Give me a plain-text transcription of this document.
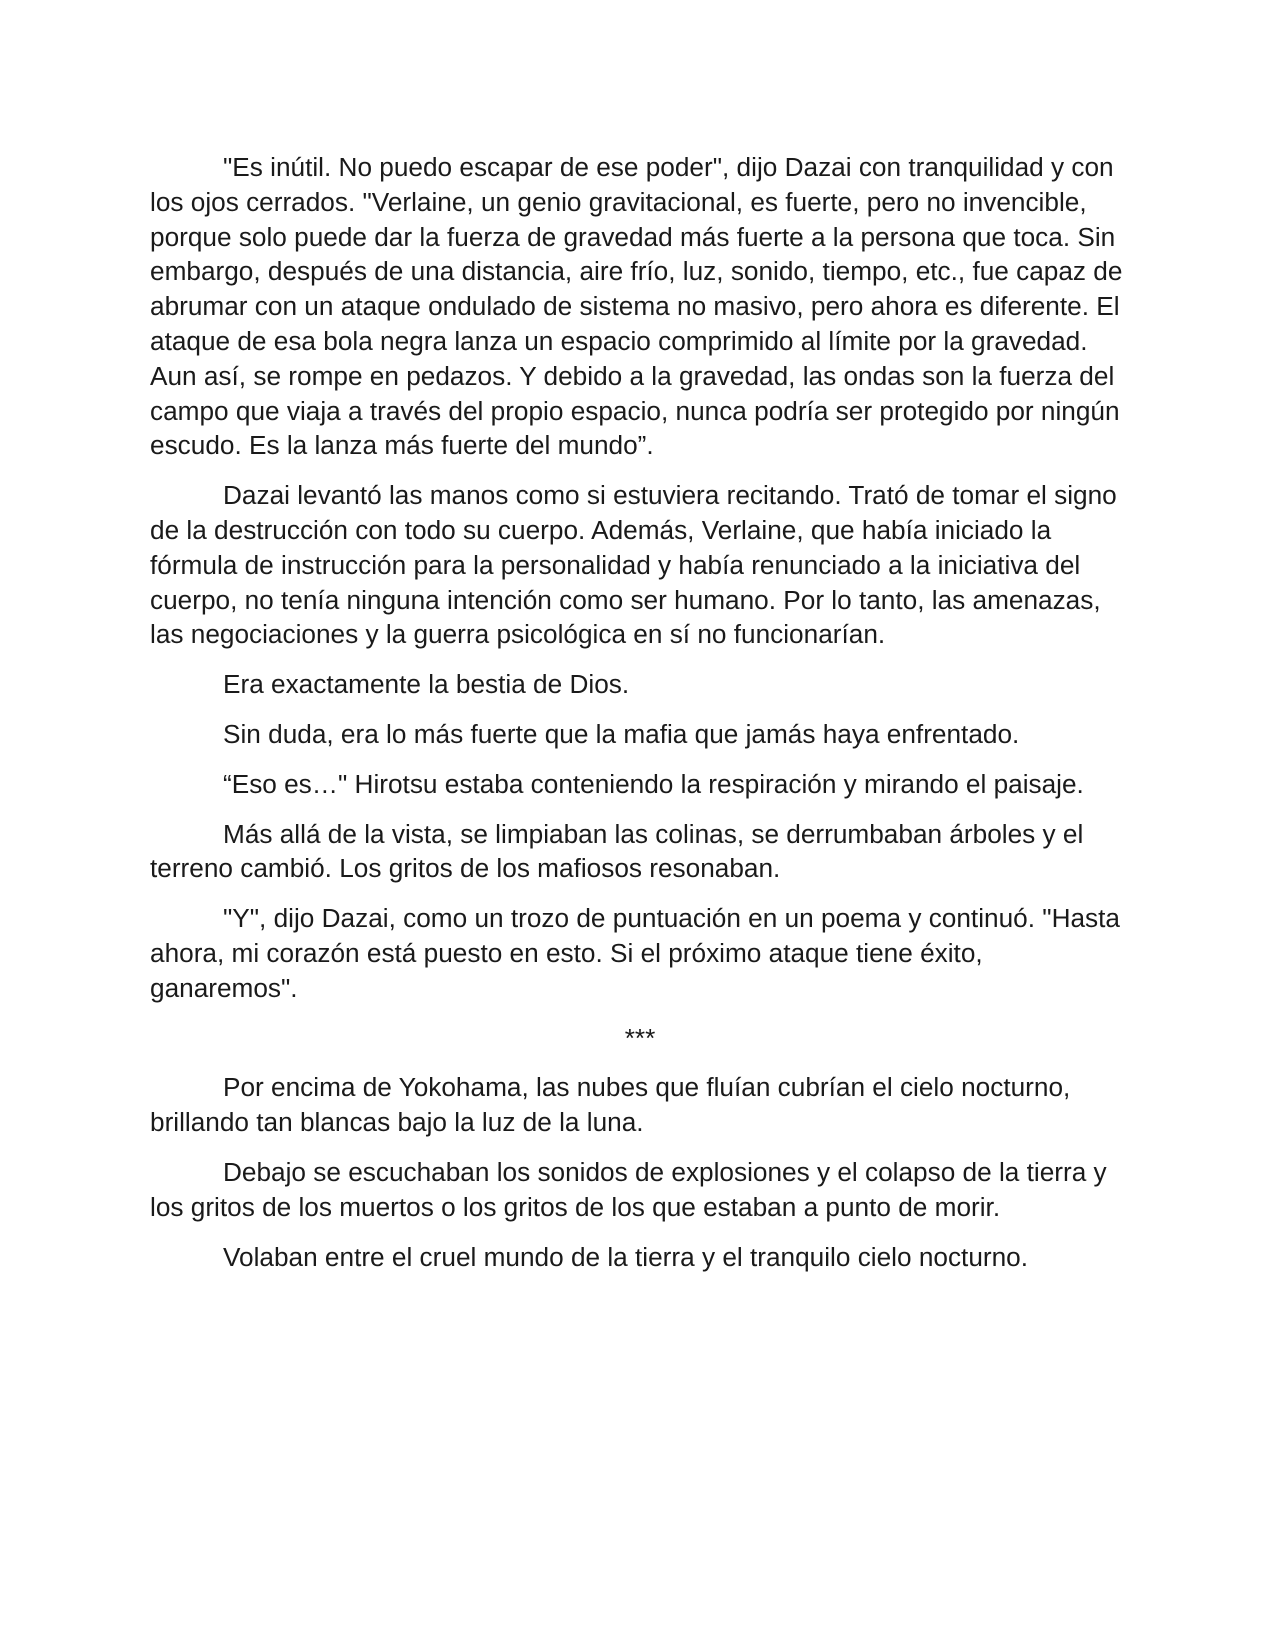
"Es inútil. No puedo escapar de ese poder", dijo Dazai con tranquilidad y con los ojos cerrados. "Verlaine, un genio gravitacional, es fuerte, pero no invencible, porque solo puede dar la fuerza de gravedad más fuerte a la persona que toca. Sin embargo, después de una distancia, aire frío, luz, sonido, tiempo, etc., fue capaz de abrumar con un ataque ondulado de sistema no masivo, pero ahora es diferente. El ataque de esa bola negra lanza un espacio comprimido al límite por la gravedad. Aun así, se rompe en pedazos. Y debido a la gravedad, las ondas son la fuerza del campo que viaja a través del propio espacio, nunca podría ser protegido por ningún escudo. Es la lanza más fuerte del mundo”.

Dazai levantó las manos como si estuviera recitando. Trató de tomar el signo de la destrucción con todo su cuerpo. Además, Verlaine, que había iniciado la fórmula de instrucción para la personalidad y había renunciado a la iniciativa del cuerpo, no tenía ninguna intención como ser humano. Por lo tanto, las amenazas, las negociaciones y la guerra psicológica en sí no funcionarían.

Era exactamente la bestia de Dios.

Sin duda, era lo más fuerte que la mafia que jamás haya enfrentado.

“Eso es…" Hirotsu estaba conteniendo la respiración y mirando el paisaje.

Más allá de la vista, se limpiaban las colinas, se derrumbaban árboles y el terreno cambió. Los gritos de los mafiosos resonaban.

"Y", dijo Dazai, como un trozo de puntuación en un poema y continuó. "Hasta ahora, mi corazón está puesto en esto. Si el próximo ataque tiene éxito, ganaremos".

***

Por encima de Yokohama, las nubes que fluían cubrían el cielo nocturno, brillando tan blancas bajo la luz de la luna.

Debajo se escuchaban los sonidos de explosiones y el colapso de la tierra y los gritos de los muertos o los gritos de los que estaban a punto de morir.

Volaban entre el cruel mundo de la tierra y el tranquilo cielo nocturno.
